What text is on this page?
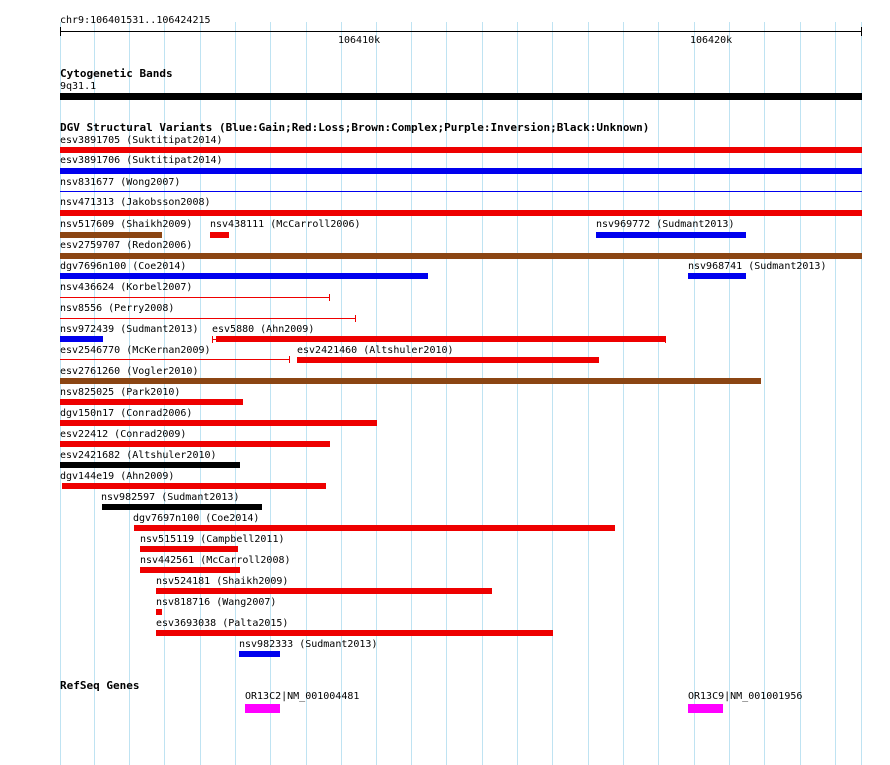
chr9:106401531..106424215
106410k	106420k
Cytogenetic Bands
9q31.1
DGV Structural Variants (Blue:Gain;Red:Loss;Brown:Complex;Purple:Inversion;Black:Unknown)
RefSeq Genes
esv3891705 (Suktitipat2014)
esv3891706 (Suktitipat2014)
nsv831677 (Wong2007)
nsv471313 (Jakobsson2008)
nsv517609 (Shaikh2009) nsv438111 (McCarroll2006)	nsv969772 (Sudmant2013)
esv2759707 (Redon2006)
dgv7696n100 (Coe2014)	nsv968741 (Sudmant2013)
nsv436624 (Korbel2007)
nsv8556 (Perry2008)
nsv972439 (Sudmant2013) esv5880 (Ahn2009)
esv2546770 (McKernan2009)	esv2421460 (Altshuler2010)
esv2761260 (Vogler2010)
nsv825025 (Park2010)
dgv150n17 (Conrad2006)
esv22412 (Conrad2009)
esv2421682 (Altshuler2010)
dgv144e19 (Ahn2009)
nsv982597 (Sudmant2013)
dgv7697n100 (Coe2014)
nsv515119 (Campbell2011)
nsv442561 (McCarroll2008)
nsv524181 (Shaikh2009)
nsv818716 (Wang2007)
esv3693038 (Palta2015)
nsv982333 (Sudmant2013)
OR13C2|NM_001004481	OR13C9|NM_001001956
